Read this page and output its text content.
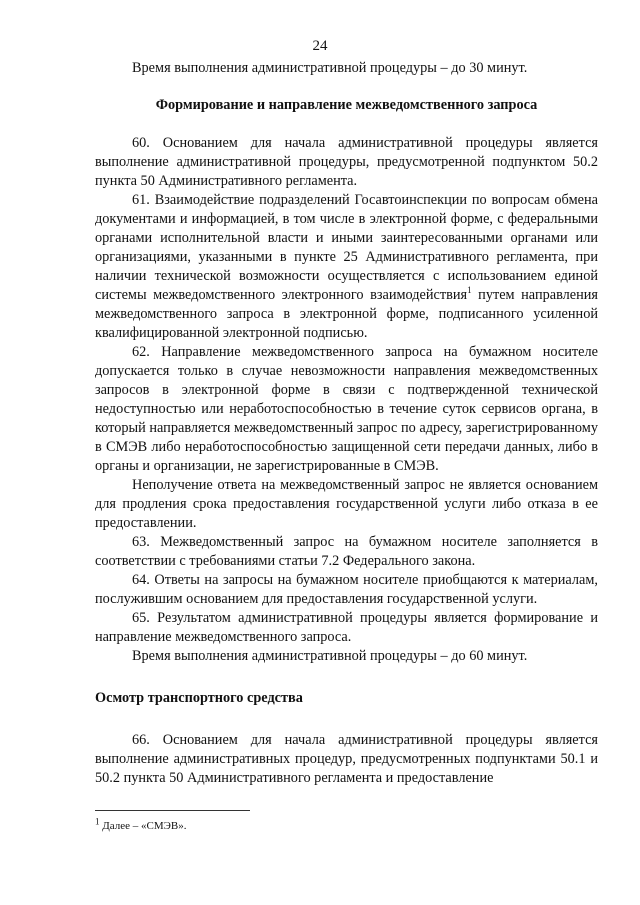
24

Время выполнения административной процедуры – до 30 минут.

Формирование и направление межведомственного запроса

60. Основанием для начала административной процедуры является выполнение административной процедуры, предусмотренной подпунктом 50.2 пункта 50 Административного регламента.

61. Взаимодействие подразделений Госавтоинспекции по вопросам обмена документами и информацией, в том числе в электронной форме, с федеральными органами исполнительной власти и иными заинтересованными органами или организациями, указанными в пункте 25 Административного регламента, при наличии технической возможности осуществляется с использованием единой системы межведомственного электронного взаимодействия$^1$ путем направления межведомственного запроса в электронной форме, подписанного усиленной квалифицированной электронной подписью.

62. Направление межведомственного запроса на бумажном носителе допускается только в случае невозможности направления межведомственных запросов в электронной форме в связи с подтвержденной технической недоступностью или неработоспособностью в течение суток сервисов органа, в который направляется межведомственный запрос по адресу, зарегистрированному в СМЭВ либо неработоспособностью защищенной сети передачи данных, либо в органы и организации, не зарегистрированные в СМЭВ.

Неполучение ответа на межведомственный запрос не является основанием для продления срока предоставления государственной услуги либо отказа в ее предоставлении.

63. Межведомственный запрос на бумажном носителе заполняется в соответствии с требованиями статьи 7.2 Федерального закона.

64. Ответы на запросы на бумажном носителе приобщаются к материалам, послужившим основанием для предоставления государственной услуги.

65. Результатом административной процедуры является формирование и направление межведомственного запроса.

Время выполнения административной процедуры – до 60 минут.

Осмотр транспортного средства

66. Основанием для начала административной процедуры является выполнение административных процедур, предусмотренных подпунктами 50.1 и 50.2 пункта 50 Административного регламента и предоставление

$^1$ Далее – «СМЭВ».
